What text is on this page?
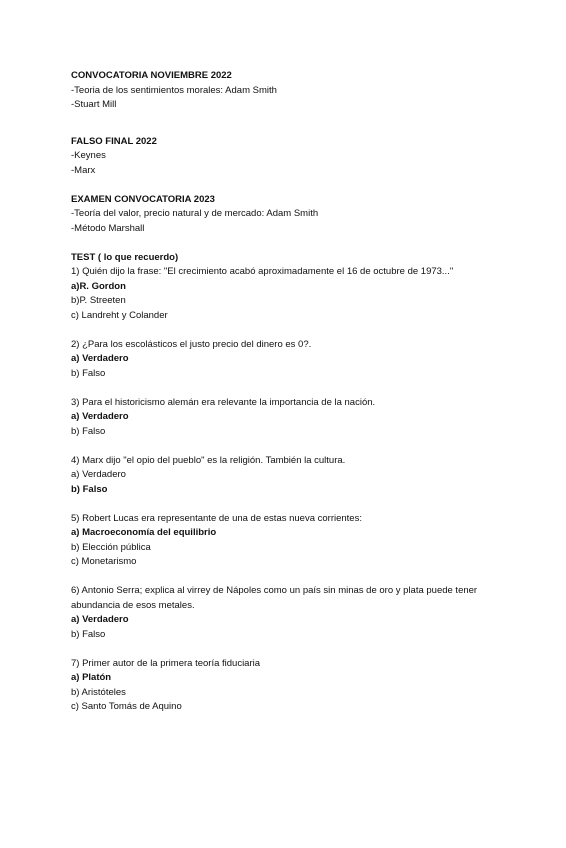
CONVOCATORIA NOVIEMBRE 2022
-Teoria de los sentimientos morales: Adam Smith
-Stuart Mill
FALSO FINAL 2022
-Keynes
-Marx
EXAMEN CONVOCATORIA 2023
-Teoría del valor, precio natural y de mercado: Adam Smith
-Método Marshall
TEST ( lo que recuerdo)
1) Quién dijo la frase: "El crecimiento acabó aproximadamente el 16 de octubre de 1973..."
a)R. Gordon
b)P. Streeten
c) Landreht y Colander
2) ¿Para los escolásticos el justo precio del dinero es 0?.
a) Verdadero
b) Falso
3) Para el historicismo alemán era relevante la importancia de la nación.
a) Verdadero
b) Falso
4) Marx dijo "el opio del pueblo" es la religión. También la cultura.
a) Verdadero
b) Falso
5) Robert Lucas era representante de una de estas nueva corrientes:
a) Macroeconomía del equilibrio
b) Elección pública
c) Monetarismo
6) Antonio Serra; explica al virrey de Nápoles como un país sin minas de oro y plata puede tener abundancia de esos metales.
a) Verdadero
b) Falso
7) Primer autor de la primera teoría fiduciaria
a) Platón
b) Aristóteles
c) Santo Tomás de Aquino
